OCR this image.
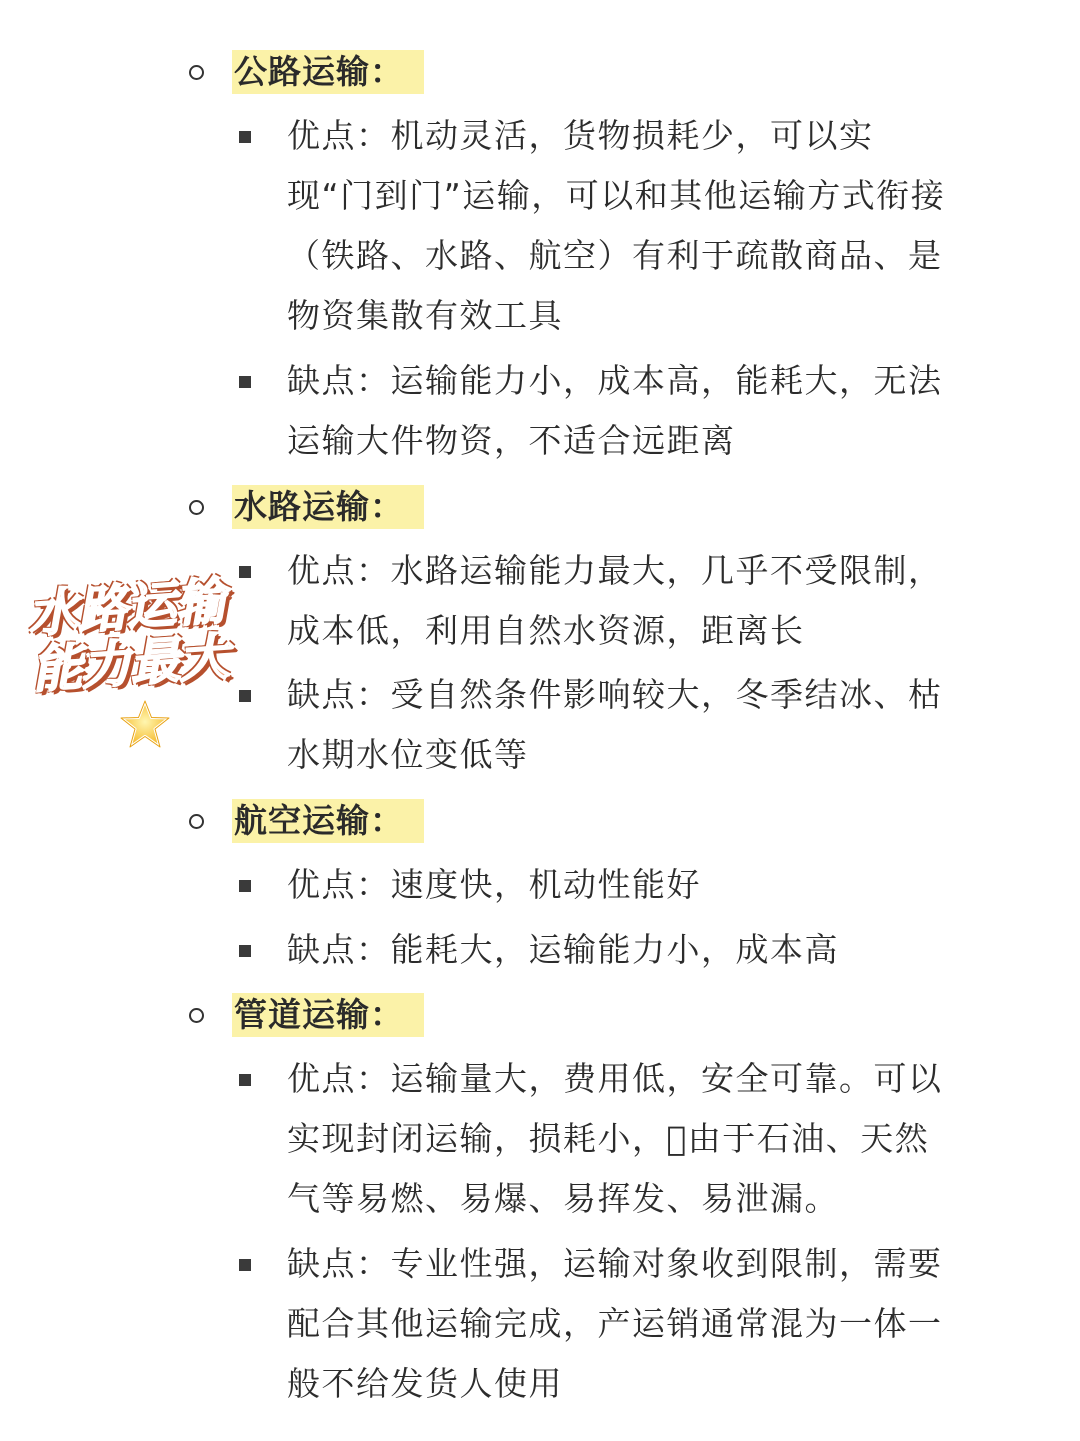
公路运输：
优点：机动灵活，货物损耗少，可以实现“门到门”运输，可以和其他运输方式衔接（铁路、水路、航空）有利于疏散商品、是物资集散有效工具
缺点：运输能力小，成本高，能耗大，无法运输大件物资，不适合远距离
水路运输：
优点：水路运输能力最大，几乎不受限制，成本低，利用自然水资源，距离长
缺点：受自然条件影响较大，冬季结冰、枯水期水位变低等
航空运输：
优点：速度快，机动性能好
缺点：能耗大，运输能力小，成本高
管道运输：
优点：运输量大，费用低，安全可靠。可以实现封闭运输，损耗小，􀠁由于石油、天然气等易燃、易爆、易挥发、易泄漏。
缺点：专业性强，运输对象收到限制，需要配合其他运输完成，产运销通常混为一体一般不给发货人使用
水路运输
能力最大
